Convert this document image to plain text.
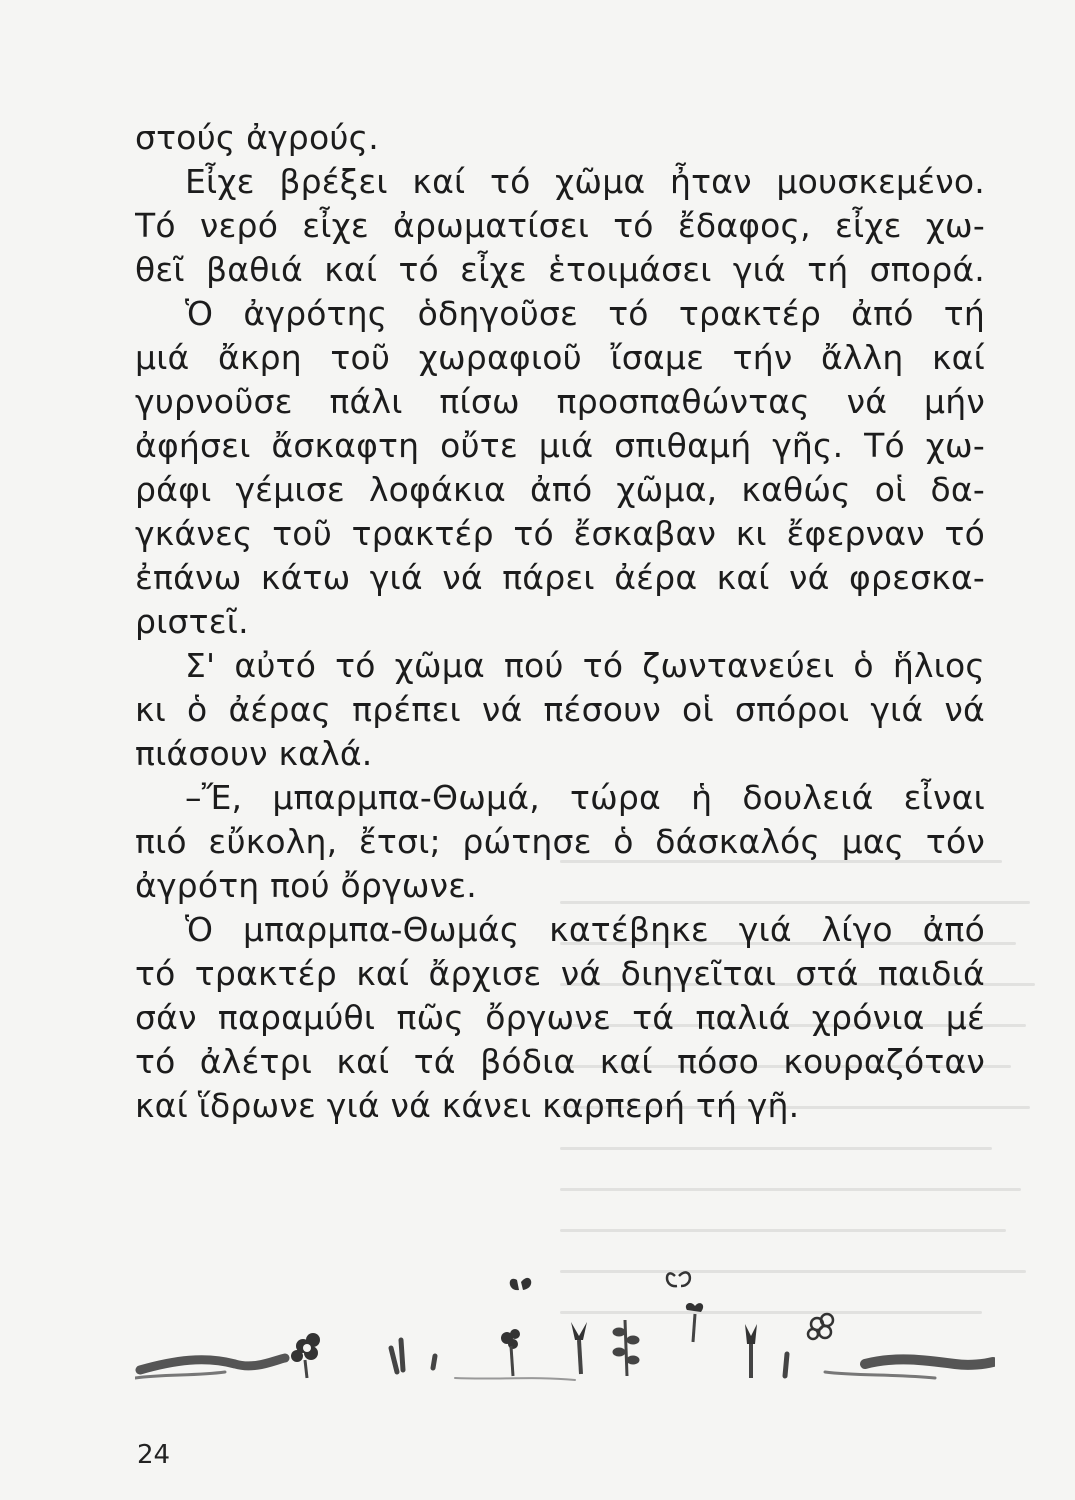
στούς ἀγρούς.
Εἶχε βρέξει καί τό χῶμα ἦταν μουσκεμένο.
Τό νερό εἶχε ἀρωματίσει τό ἔδαφος, εἶχε χω-
θεῖ βαθιά καί τό εἶχε ἑτοιμάσει γιά τή σπορά.
Ὁ ἀγρότης ὁδηγοῦσε τό τρακτέρ ἀπό τή
μιά ἄκρη τοῦ χωραφιοῦ ἴσαμε τήν ἄλλη καί
γυρνοῦσε πάλι πίσω προσπαθώντας νά μήν
ἀφήσει ἄσκαφτη οὔτε μιά σπιθαμή γῆς. Τό χω-
ράφι γέμισε λοφάκια ἀπό χῶμα, καθώς οἱ δα-
γκάνες τοῦ τρακτέρ τό ἔσκαβαν κι ἔφερναν τό
ἐπάνω κάτω γιά νά πάρει ἀέρα καί νά φρεσκα-
ριστεῖ.
Σ' αὐτό τό χῶμα πού τό ζωντανεύει ὁ ἥλιος
κι ὁ ἀέρας πρέπει νά πέσουν οἱ σπόροι γιά νά
πιάσουν καλά.
–Ἔ, μπαρμπα-Θωμά, τώρα ἡ δουλειά εἶναι
πιό εὔκολη, ἔτσι; ρώτησε ὁ δάσκαλός μας τόν
ἀγρότη πού ὄργωνε.
Ὁ μπαρμπα-Θωμάς κατέβηκε γιά λίγο ἀπό
τό τρακτέρ καί ἄρχισε νά διηγεῖται στά παιδιά
σάν παραμύθι πῶς ὄργωνε τά παλιά χρόνια μέ
τό ἀλέτρι καί τά βόδια καί πόσο κουραζόταν
καί ἵδρωνε γιά νά κάνει καρπερή τή γῆ.
24
